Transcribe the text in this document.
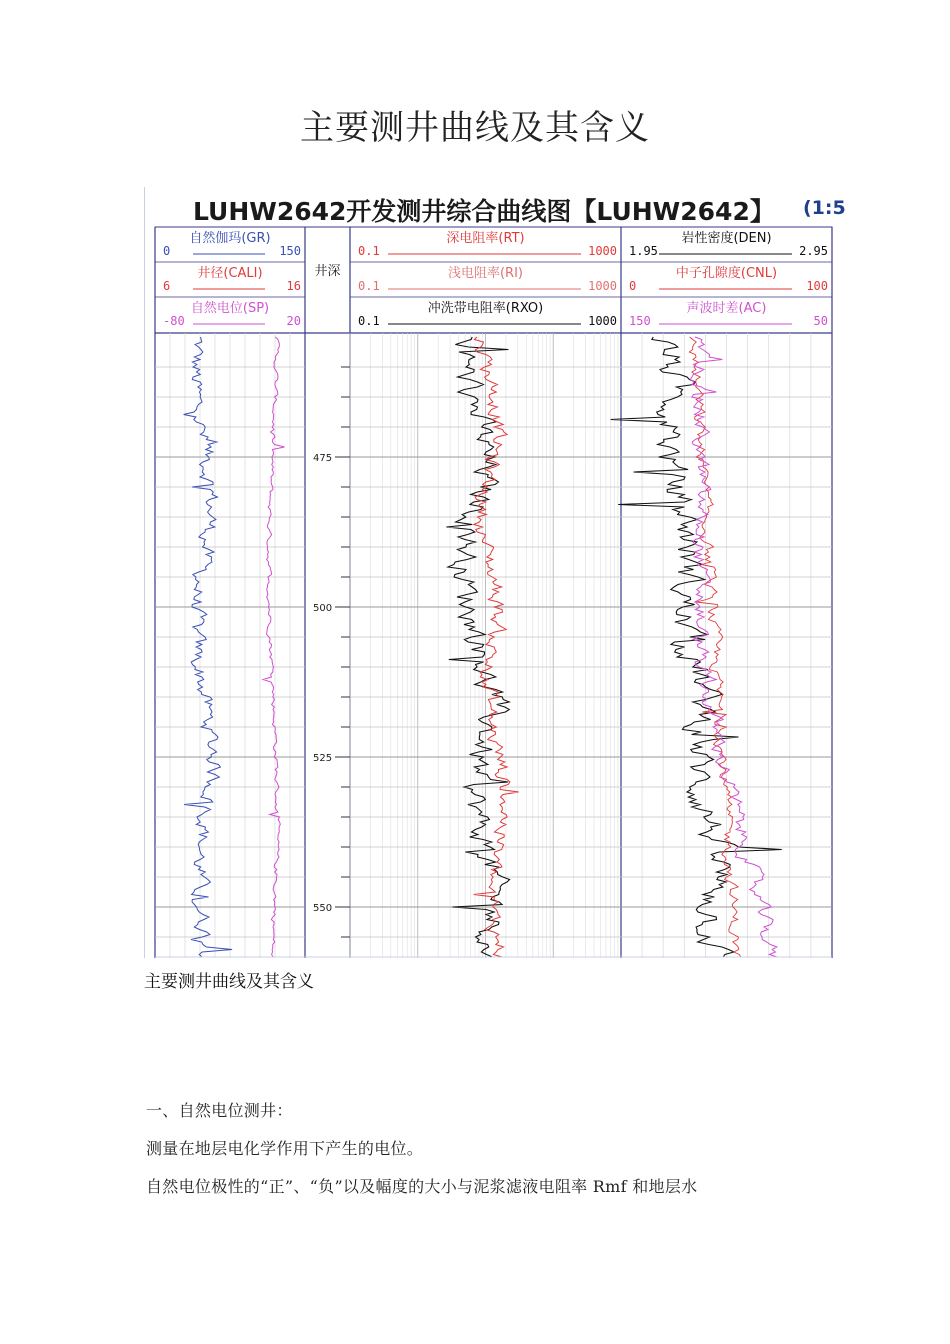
主要测井曲线及其含义
475
500
525
550
LUHW2642开发测井综合曲线图【LUHW2642】 (1:5
井深
自然伽玛(GR)
0	150
井径(CALI)
6	16
自然电位(SP)
-80	20
深电阻率(RT)
0.1	1000
浅电阻率(RI)
0.1	1000
冲洗带电阻率(RXO)
0.1	1000
岩性密度(DEN)
1.95	2.95
中子孔隙度(CNL)
0	100
声波时差(AC)
150	50
主要测井曲线及其含义
一、自然电位测井：
测量在地层电化学作用下产生的电位。
自然电位极性的“正”、“负”以及幅度的大小与泥浆滤液电阻率 Rmf 和地层水
